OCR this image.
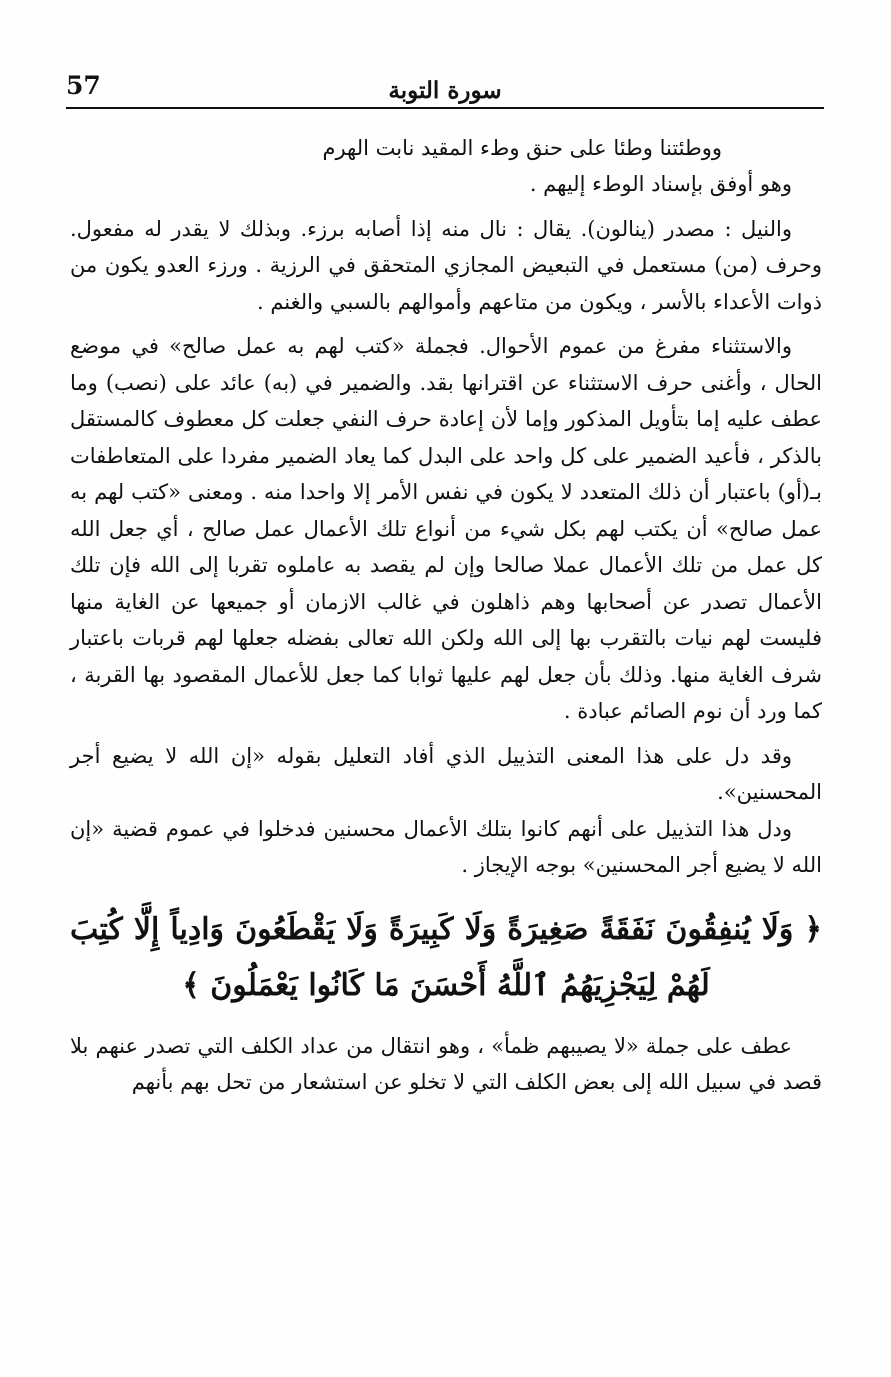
57	سورة التوبة

ووطئتنا وطئا على حنق وطء المقيد نابت الهرم

وهو أوفق بإسناد الوطء إليهم .

والنيل : مصدر (ينالون). يقال : نال منه إذا أصابه برزء. وبذلك لا يقدر له مفعول. وحرف (من) مستعمل في التبعيض المجازي المتحقق في الرزية . ورزء العدو يكون من ذوات الأعداء بالأسر ، ويكون من متاعهم وأموالهم بالسبي والغنم .

والاستثناء مفرغ من عموم الأحوال. فجملة «كتب لهم به عمل صالح» في موضع الحال ، وأغنى حرف الاستثناء عن اقترانها بقد. والضمير في (به) عائد على (نصب) وما عطف عليه إما بتأويل المذكور وإما لأن إعادة حرف النفي جعلت كل معطوف كالمستقل بالذكر ، فأعيد الضمير على كل واحد على البدل كما يعاد الضمير مفردا على المتعاطفات بـ(أو) باعتبار أن ذلك المتعدد لا يكون في نفس الأمر إلا واحدا منه . ومعنى «كتب لهم به عمل صالح» أن يكتب لهم بكل شيء من أنواع تلك الأعمال عمل صالح ، أي جعل الله كل عمل من تلك الأعمال عملا صالحا وإن لم يقصد به عاملوه تقربا إلى الله فإن تلك الأعمال تصدر عن أصحابها وهم ذاهلون في غالب الازمان أو جميعها عن الغاية منها فليست لهم نيات بالتقرب بها إلى الله ولكن الله تعالى بفضله جعلها لهم قربات باعتبار شرف الغاية منها. وذلك بأن جعل لهم عليها ثوابا كما جعل للأعمال المقصود بها القربة ، كما ورد أن نوم الصائم عبادة .

وقد دل على هذا المعنى التذييل الذي أفاد التعليل بقوله «إن الله لا يضيع أجر المحسنين».

ودل هذا التذييل على أنهم كانوا بتلك الأعمال محسنين فدخلوا في عموم قضية «إن الله لا يضيع أجر المحسنين» بوجه الإيجاز .

﴿ وَلَا يُنفِقُونَ نَفَقَةً صَغِيرَةً وَلَا كَبِيرَةً وَلَا يَقْطَعُونَ وَادِياً إِلَّا كُتِبَ لَهُمْ لِيَجْزِيَهُمُ ٱللَّهُ أَحْسَنَ مَا كَانُوا يَعْمَلُونَ ﴾

عطف على جملة «لا يصيبهم ظمأ» ، وهو انتقال من عداد الكلف التي تصدر عنهم بلا قصد في سبيل الله إلى بعض الكلف التي لا تخلو عن استشعار من تحل بهم بأنهم
